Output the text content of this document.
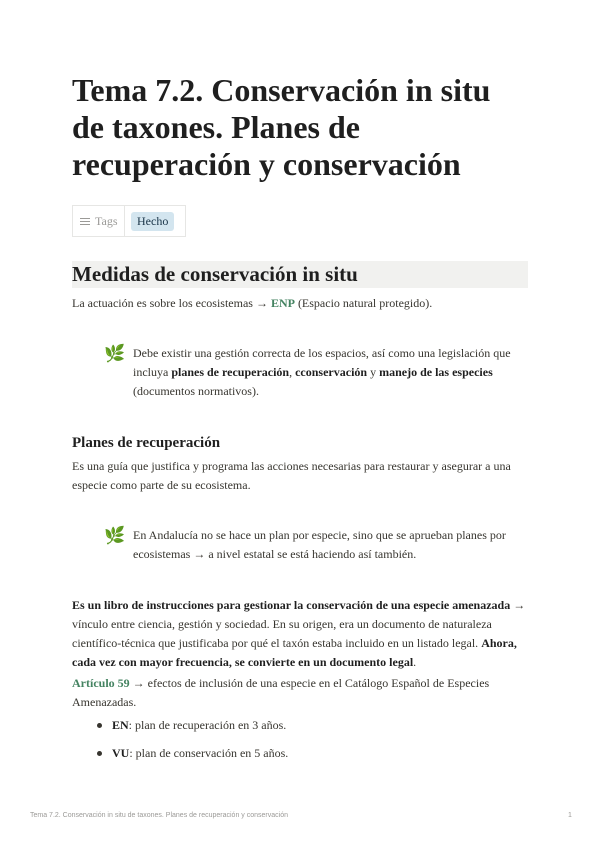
Tema 7.2. Conservación in situ de taxones. Planes de recuperación y conservación
Tags	Hecho
Medidas de conservación in situ

La actuación es sobre los ecosistemas → ENP (Espacio natural protegido).

🌿 Debe existir una gestión correcta de los espacios, así como una legislación que incluya planes de recuperación, cconservación y manejo de las especies (documentos normativos).

Planes de recuperación

Es una guía que justifica y programa las acciones necesarias para restaurar y asegurar a una especie como parte de su ecosistema.

🌿 En Andalucía no se hace un plan por especie, sino que se aprueban planes por ecosistemas → a nivel estatal se está haciendo así también.

Es un libro de instrucciones para gestionar la conservación de una especie amenazada → vínculo entre ciencia, gestión y sociedad. En su origen, era un documento de naturaleza científico-técnica que justificaba por qué el taxón estaba incluido en un listado legal. Ahora, cada vez con mayor frecuencia, se convierte en un documento legal.

Artículo 59 → efectos de inclusión de una especie en el Catálogo Español de Especies Amenazadas.

EN: plan de recuperación en 3 años.
VU: plan de conservación en 5 años.
Tema 7.2. Conservación in situ de taxones. Planes de recuperación y conservación	1
